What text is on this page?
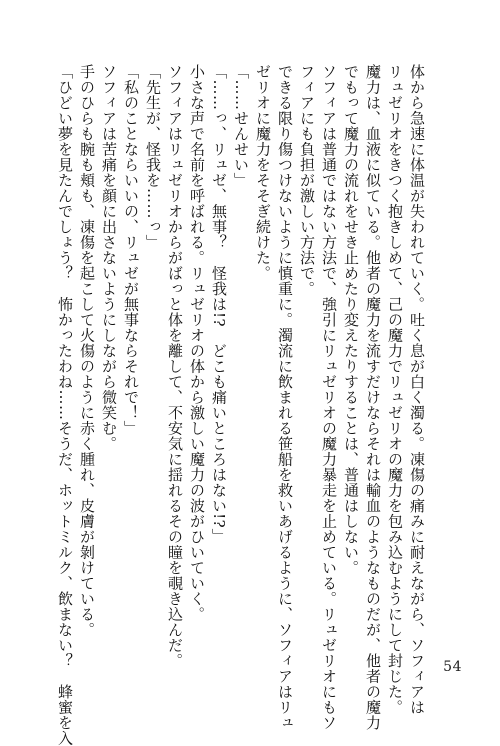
体から急速に体温が失われていく。吐く息が白く濁る。凍傷の痛みに耐えながら、ソフィアは
リュゼリオをきつく抱きしめて、己の魔力でリュゼリオの魔力を包み込むようにして封じた。
魔力は、血液に似ている。他者の魔力を流すだけならそれは輸血のようなものだが、他者の魔力
でもって魔力の流れをせき止めたり変えたりすることは、普通はしない。
ソフィアは普通ではない方法で、強引にリュゼリオの魔力暴走を止めている。リュゼリオにもソ
フィアにも負担が激しい方法で。
できる限り傷つけないように慎重に。濁流に飲まれる笹船を救いあげるように、ソフィアはリュ
ゼリオに魔力をそそぎ続けた。
「……せんせい」
「……っ、リュゼ、無事？　怪我は!?　どこも痛いところはない!?」
小さな声で名前を呼ばれる。リュゼリオの体から激しい魔力の波がひいていく。
ソフィアはリュゼリオからがばっと体を離して、不安気に揺れるその瞳を覗き込んだ。
「先生が、怪我を……っ」
「私のことならいいの、リュゼが無事ならそれで！」
ソフィアは苦痛を顔に出さないようにしながら微笑む。
手のひらも腕も頬も、凍傷を起こして火傷のように赤く腫れ、皮膚が剝けている。
「ひどい夢を見たんでしょう？　怖かったわね……そうだ、ホットミルク、飲まない？　蜂蜜を入	54
